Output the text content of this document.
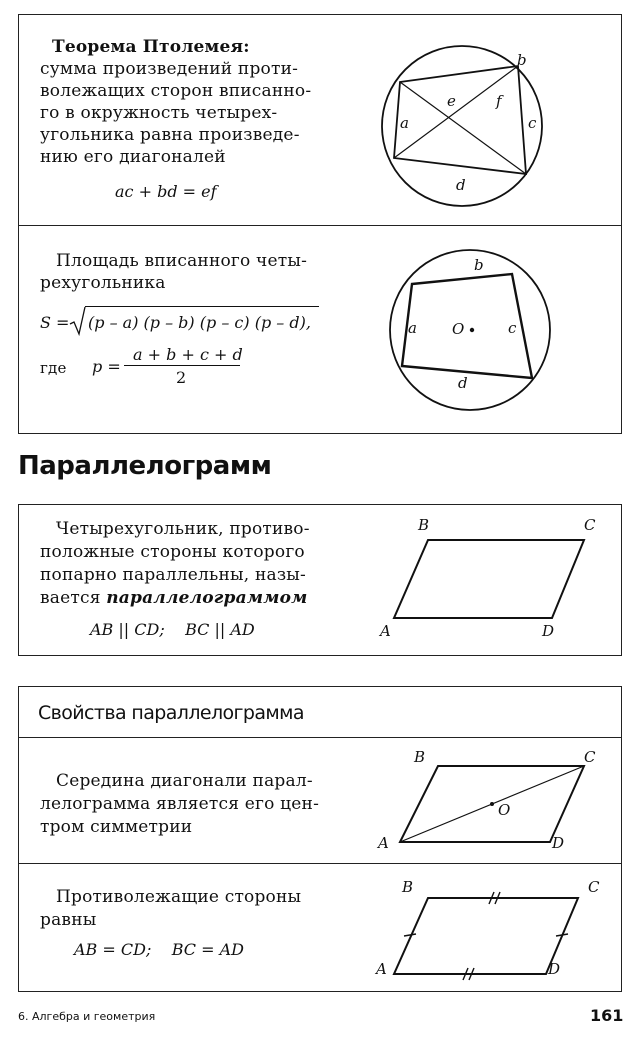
Теорема Птолемея:
сумма произведений проти-
волежащих сторон вписанно-
го в окружность четырех-
угольника равна произведе-
нию его диагоналей
ac + bd = ef
a
b
c
d
e	f
Площадь вписанного четы-
рехугольника
S = (p – a) (p – b) (p – c) (p – d),
где p =
a + b + c + d
2
O
a
b
c
d
Параллелограмм
Четырехугольник, противо-
положные стороны которого
попарно параллельны, назы-
вается параллелограммом
AB || CD;    BC || AD
B	C
A	D
Свойства параллелограмма
Середина диагонали парал-
лелограмма является его цен-
тром симметрии
B	C
A	D
O
Противолежащие стороны
равны
AB = CD;    BC = AD
B	C
A	D
6. Алгебра и геометрия	161
